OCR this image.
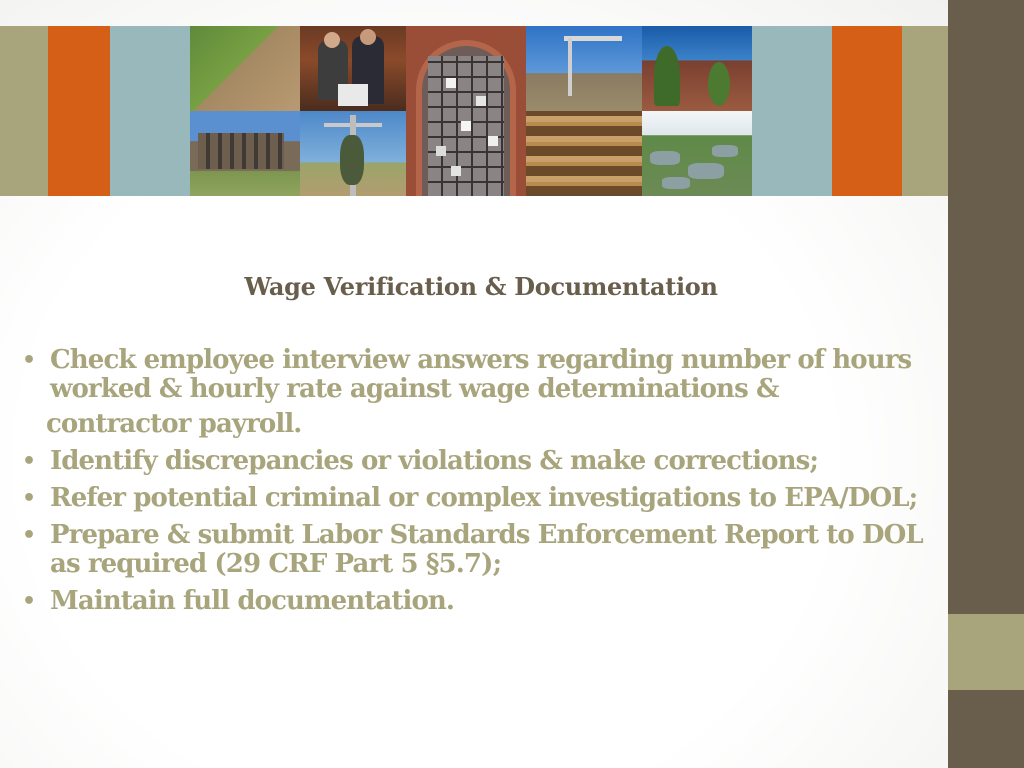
Wage Verification & Documentation
• Check employee interview answers regarding number of hours worked & hourly rate against wage determinations &
contractor payroll.
• Identify discrepancies or violations & make corrections;
• Refer potential criminal or complex investigations to EPA/DOL;
• Prepare & submit Labor Standards Enforcement Report to DOL as required (29 CRF Part 5 §5.7);
• Maintain full documentation.
